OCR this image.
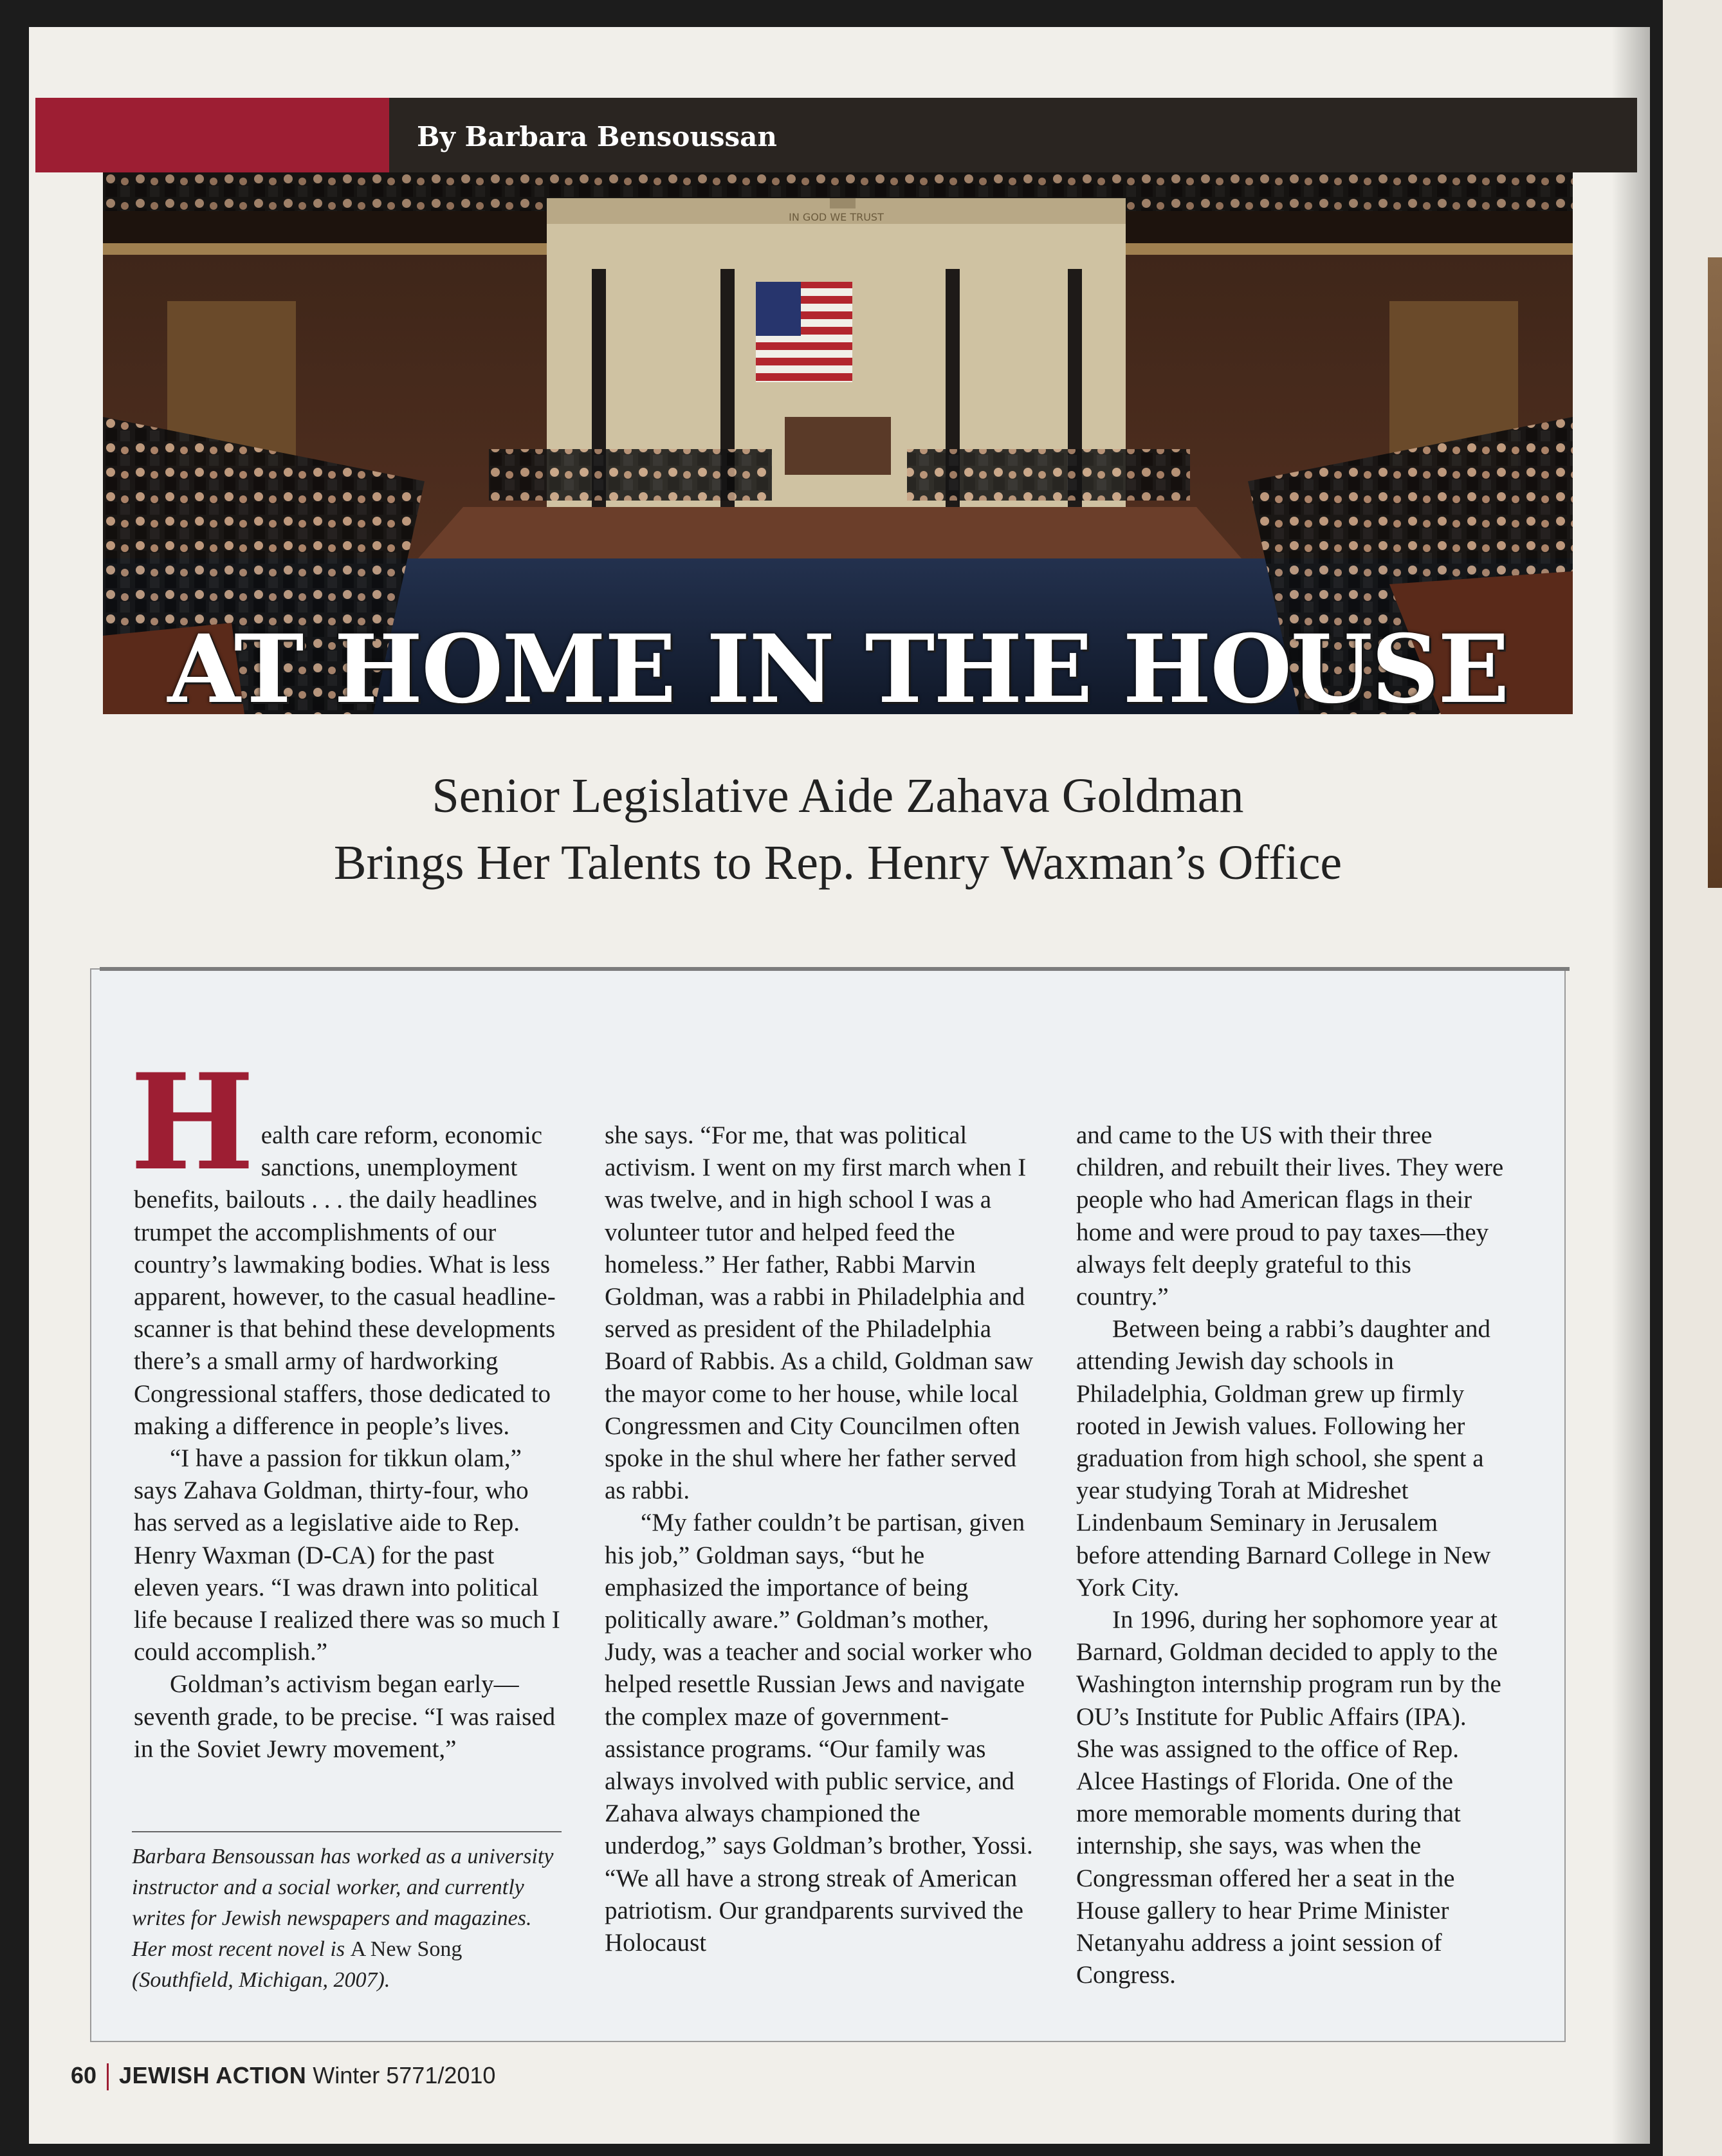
By Barbara Bensoussan
IN GOD WE TRUST
AT HOME IN THE HOUSE
Senior Legislative Aide Zahava Goldman
Brings Her Talents to Rep. Henry Waxman’s Office
H ealth care reform, economic sanctions, unemployment benefits, bailouts . . . the daily headlines trumpet the accomplishments of our country’s lawmaking bodies. What is less apparent, however, to the casual headline-scanner is that behind these developments there’s a small army of hardworking Congressional staffers, those dedicated to making a difference in people’s lives.

“I have a passion for tikkun olam,” says Zahava Goldman, thirty-four, who has served as a legislative aide to Rep. Henry Waxman (D-CA) for the past eleven years. “I was drawn into political life because I realized there was so much I could accomplish.”

Goldman’s activism began early—seventh grade, to be precise. “I was raised in the Soviet Jewry movement,”

she says. “For me, that was political activism. I went on my first march when I was twelve, and in high school I was a volunteer tutor and helped feed the homeless.” Her father, Rabbi Marvin Goldman, was a rabbi in Philadelphia and served as president of the Philadelphia Board of Rabbis. As a child, Goldman saw the mayor come to her house, while local Congressmen and City Councilmen often spoke in the shul where her father served as rabbi.

“My father couldn’t be partisan, given his job,” Goldman says, “but he emphasized the importance of being politically aware.” Goldman’s mother, Judy, was a teacher and social worker who helped resettle Russian Jews and navigate the complex maze of government-assistance programs. “Our family was always involved with public service, and Zahava always championed the underdog,” says Goldman’s brother, Yossi. “We all have a strong streak of American patriotism. Our grandparents survived the Holocaust

and came to the US with their three children, and rebuilt their lives. They were people who had American flags in their home and were proud to pay taxes—they always felt deeply grateful to this country.”

Between being a rabbi’s daughter and attending Jewish day schools in Philadelphia, Goldman grew up firmly rooted in Jewish values. Following her graduation from high school, she spent a year studying Torah at Midreshet Lindenbaum Seminary in Jerusalem before attending Barnard College in New York City.

In 1996, during her sophomore year at Barnard, Goldman decided to apply to the Washington internship program run by the OU’s Institute for Public Affairs (IPA). She was assigned to the office of Rep. Alcee Hastings of Florida. One of the more memorable moments during that internship, she says, was when the Congressman offered her a seat in the House gallery to hear Prime Minister Netanyahu address a joint session of Congress.

Barbara Bensoussan has worked as a university instructor and a social worker, and currently writes for Jewish newspapers and magazines. Her most recent novel is A New Song (Southfield, Michigan, 2007).
60 JEWISH ACTION Winter 5771/2010
